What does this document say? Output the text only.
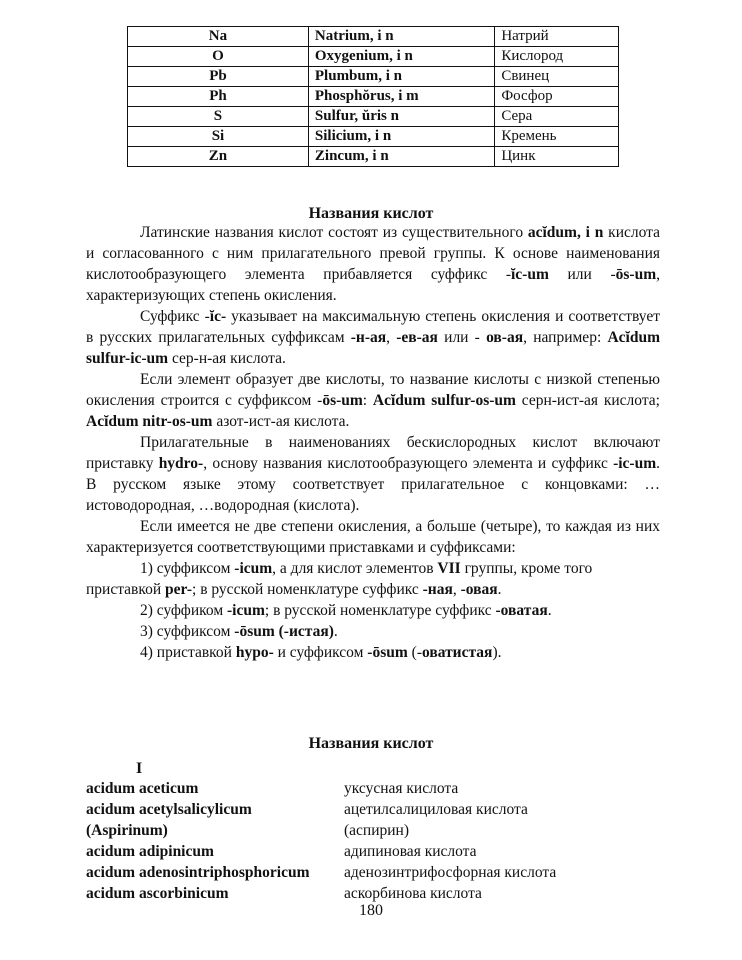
Na	Natrium, i n	Натрий
O	Oxygenium, i n	Кислород
Pb	Plumbum, i n	Свинец
Ph	Phosphŏrus, i m	Фосфор
S	Sulfur, ŭris n	Сера
Si	Silicium, i n	Кремень
Zn	Zincum, i n	Цинк
Названия кислот

Латинские названия кислот состоят из существительного acĭdum, i n кислота и согласованного с ним прилагательного превой группы. К основе наименования кислотообразующего элемента прибавляется суффикс -ĭc-um или -ōs-um, характеризующих степень окисления.

Суффикс -ĭc- указывает на максимальную степень окисления и соответствует в русских прилагательных суффиксам -н-ая, -ев-ая или - ов-ая, например: Acĭdum sulfur-ic-um сер-н-ая кислота.

Если элемент образует две кислоты, то название кислоты с низкой степенью окисления строится с суффиксом -ōs-um: Acĭdum sulfur-os-um серн-ист-ая кислота; Acĭdum nitr-os-um азот-ист-ая кислота.

Прилагательные в наименованиях бескислородных кислот включают приставку hydro-, основу названия кислотообразующего элемента и суффикс -ic-um. В русском языке этому соответствует прилагательное с концовками: …истоводородная, …водородная (кислота).

Если имеется не две степени окисления, а больше (четыре), то каждая из них характеризуется соответствующими приставками и суффиксами:

1) суффиксом -icum, а для кислот элементов VII группы, кроме того приставкой per-; в русской номенклатуре суффикс -ная, -овая.

2) суффиком -icum; в русской номенклатуре суффикс -оватая.

3) суффиксом -ōsum (-истая).

4) приставкой hypo- и суффиксом -ōsum (-оватистая).

Названия кислот
I
acidum aceticum	уксусная кислота
acidum acetylsalicylicum	ацетилсалициловая кислота
(Aspirinum)	(аспирин)
acidum adipinicum	адипиновая кислота
acidum adenosintriphosphoricum	аденозинтрифосфорная кислота
acidum ascorbinicum	аскорбинова кислота
180
